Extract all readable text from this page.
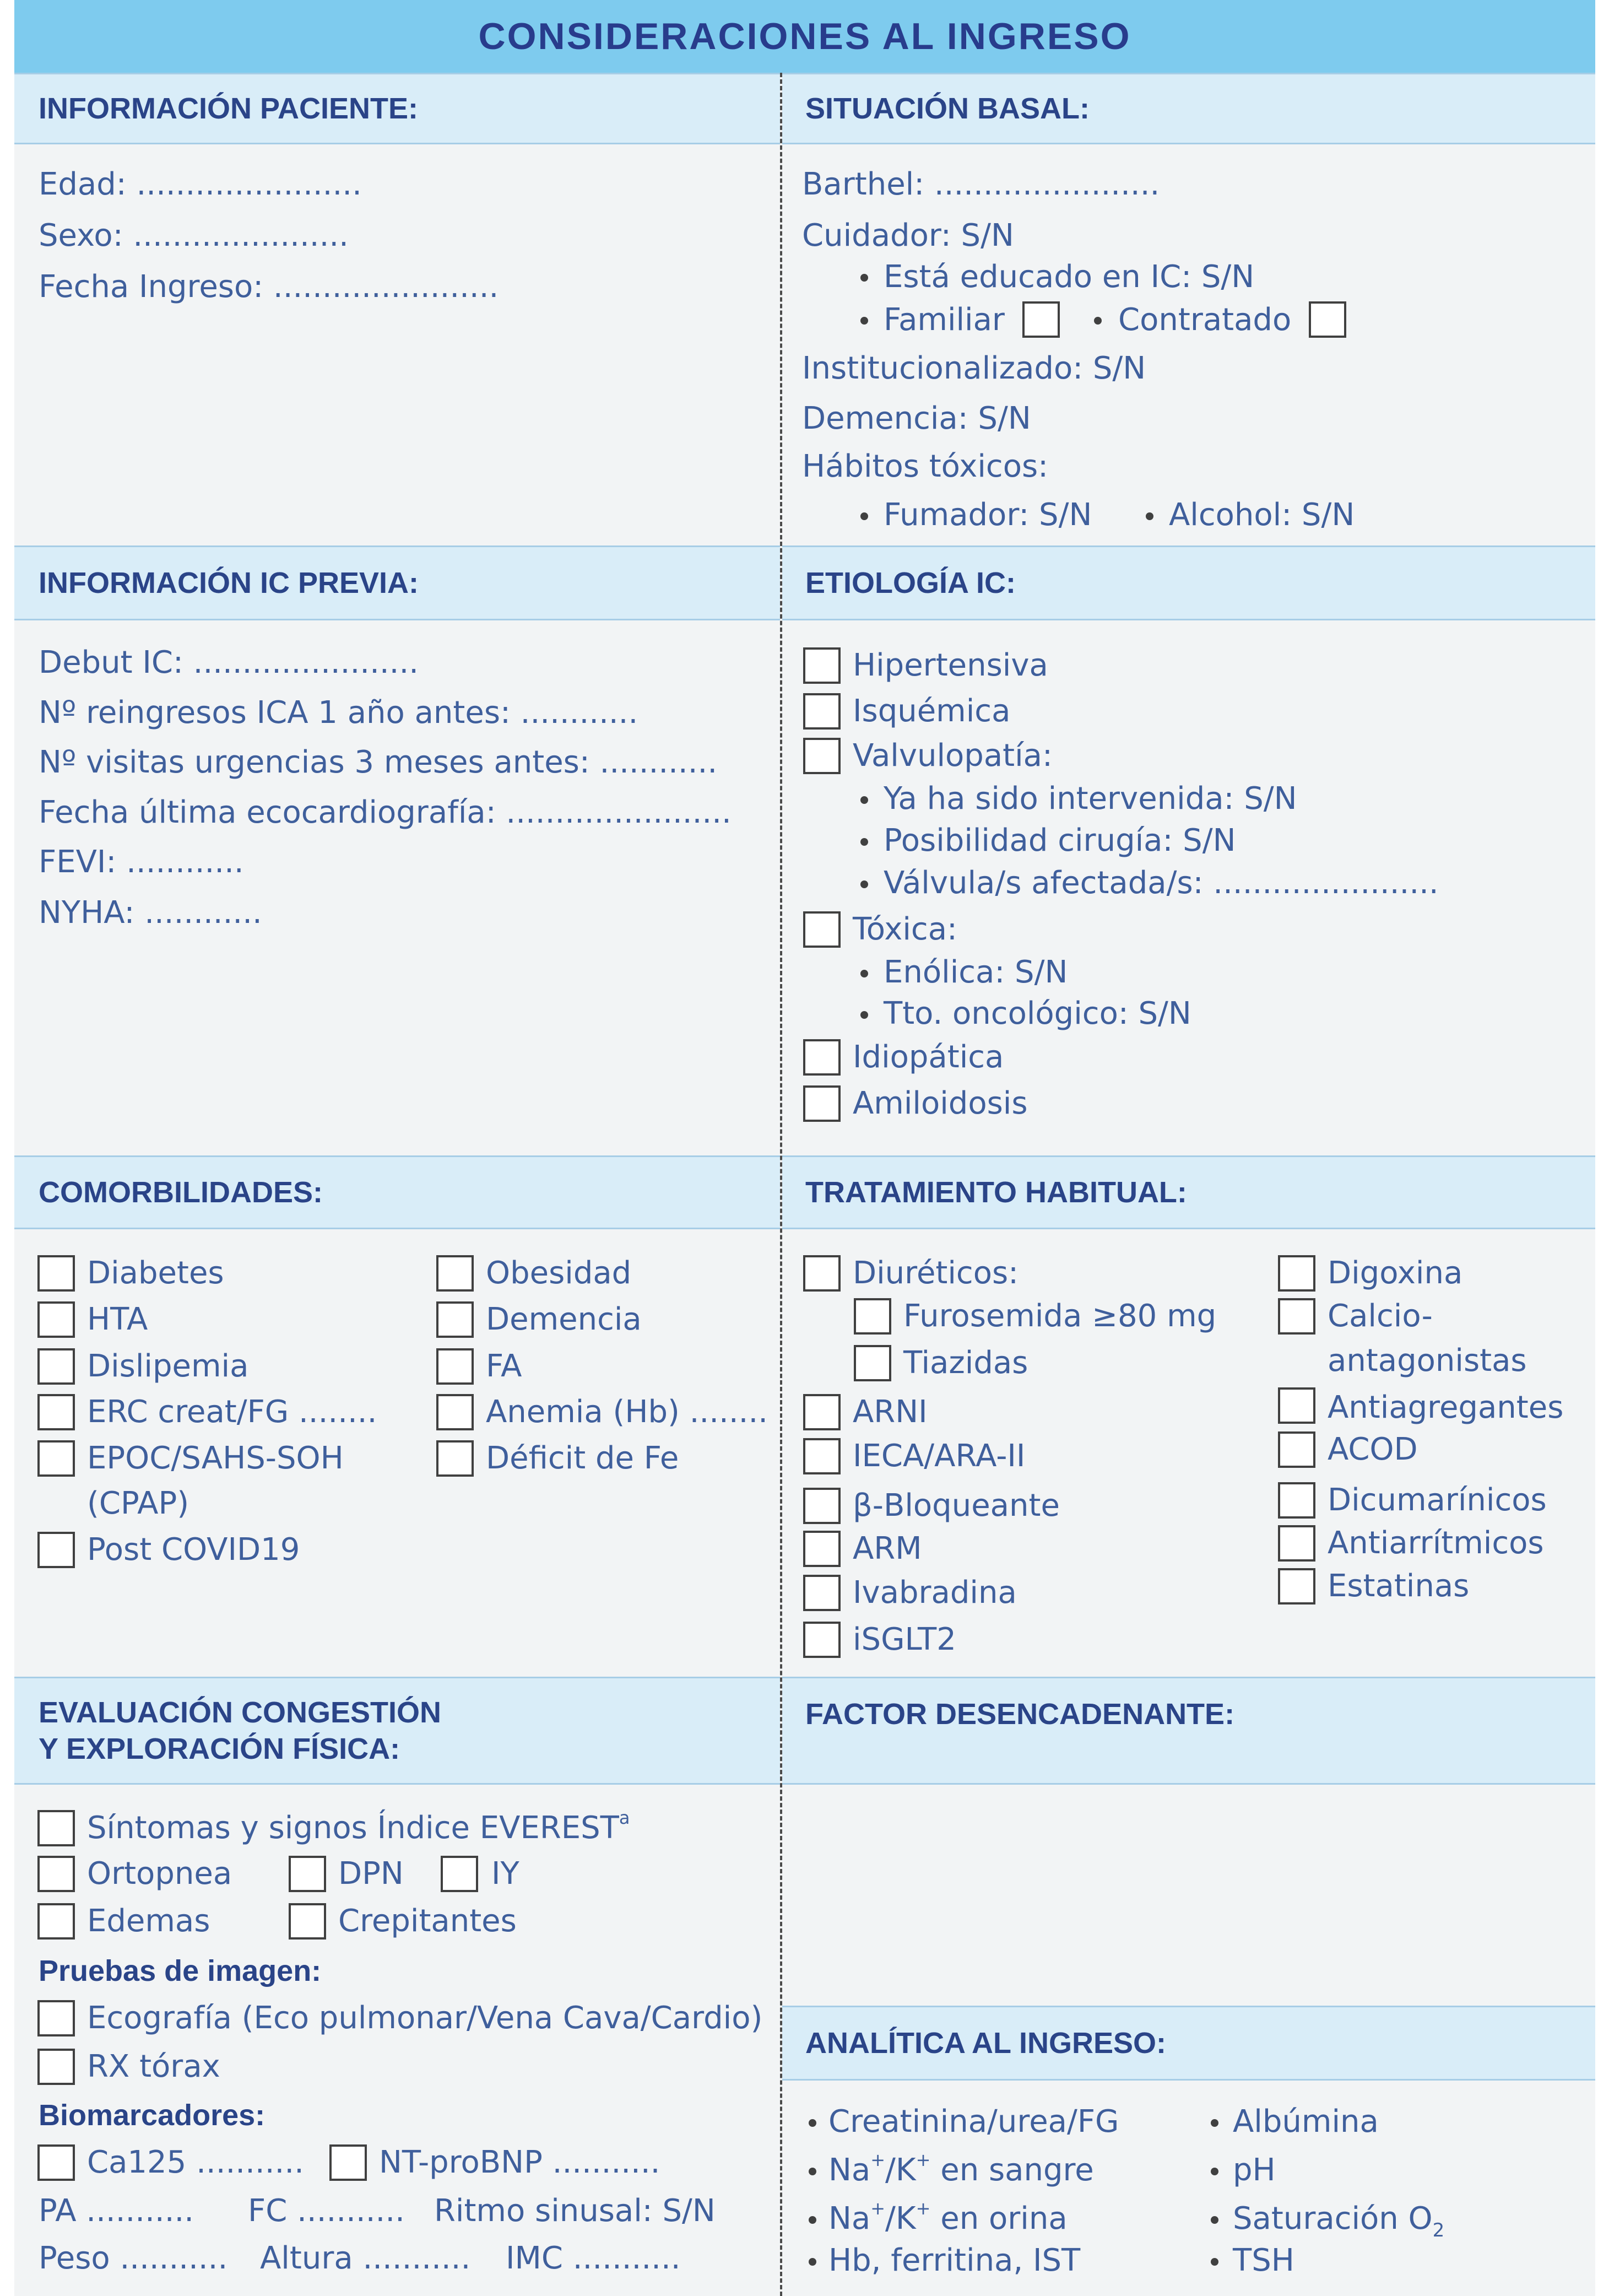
CONSIDERACIONES AL INGRESO
INFORMACIÓN PACIENTE:	SITUACIÓN BASAL:
Edad: .......................
Sexo: ......................
Fecha Ingreso: .......................
Barthel: .......................
Cuidador: S/N
Está educado en IC: S/N
Familiar	Contratado
Institucionalizado: S/N
Demencia: S/N
Hábitos tóxicos:
Fumador: S/N Alcohol: S/N
INFORMACIÓN IC PREVIA:	ETIOLOGÍA IC:
Debut IC: .......................
Nº reingresos ICA 1 año antes: ............
Nº visitas urgencias 3 meses antes: ............
Fecha última ecocardiografía: .......................
FEVI: ............
NYHA: ............
Hipertensiva
Isquémica
Valvulopatía:
Ya ha sido intervenida: S/N
Posibilidad cirugía: S/N
Válvula/s afectada/s: .......................
Tóxica:
Enólica: S/N
Tto. oncológico: S/N
Idiopática
Amiloidosis
COMORBILIDADES:	TRATAMIENTO HABITUAL:
Diabetes
HTA
Dislipemia
ERC creat/FG ........
EPOC/SAHS-SOH
(CPAP)
Post COVID19
Obesidad
Demencia
FA
Anemia (Hb) ........
Déficit de Fe
Diuréticos:
Furosemida ≥80 mg
Tiazidas
ARNI
IECA/ARA-II
β-Bloqueante
ARM
Ivabradina
iSGLT2
Digoxina
Calcio-
antagonistas
Antiagregantes
ACOD
Dicumarínicos
Antiarrítmicos
Estatinas
EVALUACIÓN CONGESTIÓN
Y EXPLORACIÓN FÍSICA:
FACTOR DESENCADENANTE:
Síntomas y signos Índice EVEREST$^a$
Ortopnea	DPN	IY
Edemas	Crepitantes
Pruebas de imagen:
Ecografía (Eco pulmonar/Vena Cava/Cardio)
RX tórax
Biomarcadores:
Ca125 ........... NT-proBNP ...........
PA ........... FC ........... Ritmo sinusal: S/N
Peso ........... Altura ........... IMC ...........
ANALÍTICA AL INGRESO:
Creatinina/urea/FG
Na+/K+ en sangre
Na+/K+ en orina
Hb, ferritina, IST
Albúmina
pH
Saturación $O_2$
TSH
